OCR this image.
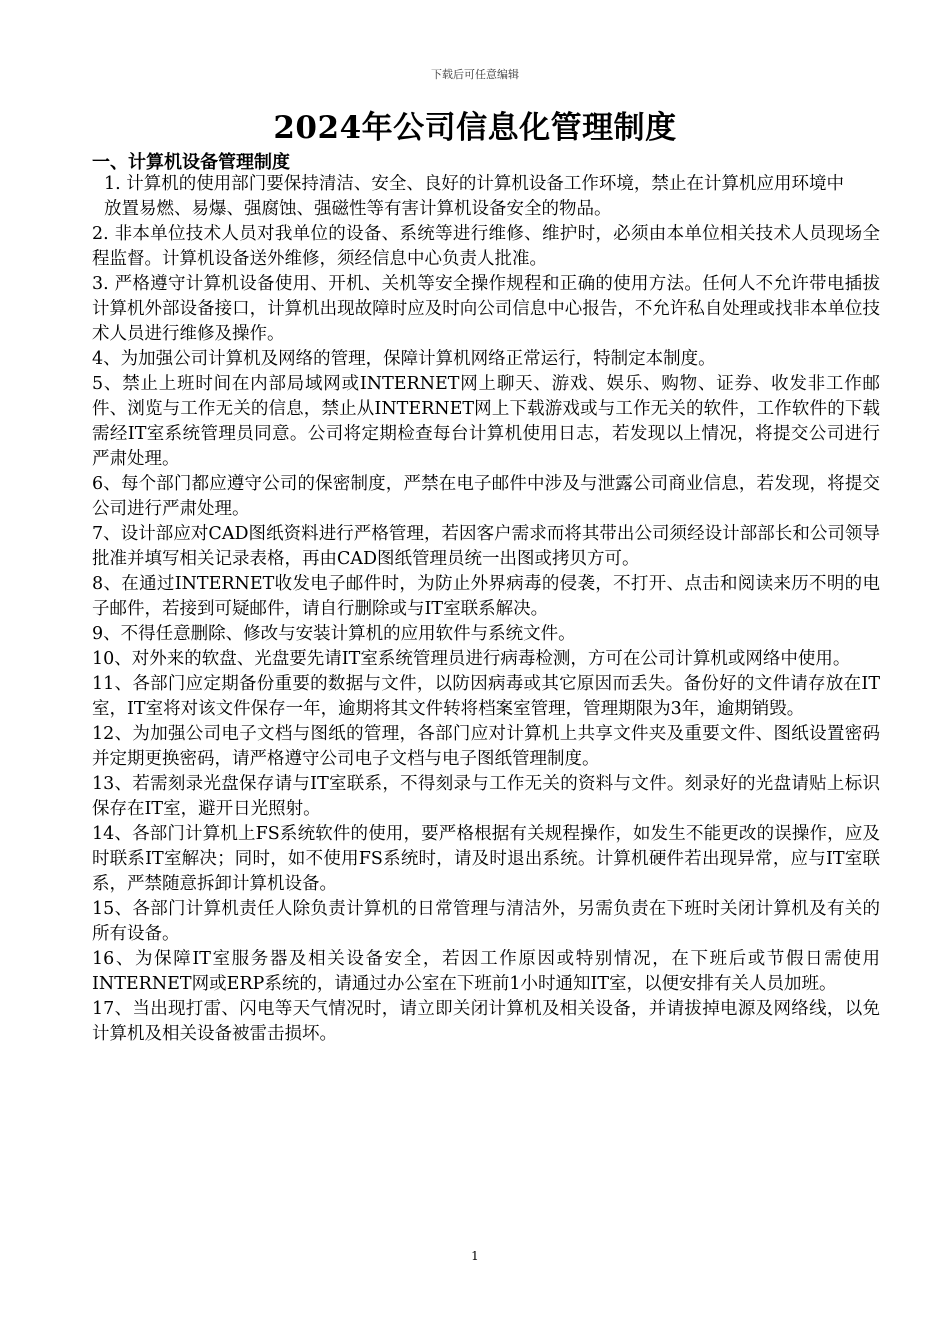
下载后可任意编辑
2024年公司信息化管理制度
一、计算机设备管理制度

1. 计算机的使用部门要保持清洁、安全、良好的计算机设备工作环境，禁止在计算机应用环境中放置易燃、易爆、强腐蚀、强磁性等有害计算机设备安全的物品。

2. 非本单位技术人员对我单位的设备、系统等进行维修、维护时，必须由本单位相关技术人员现场全程监督。计算机设备送外维修，须经信息中心负责人批准。

3. 严格遵守计算机设备使用、开机、关机等安全操作规程和正确的使用方法。任何人不允许带电插拔计算机外部设备接口，计算机出现故障时应及时向公司信息中心报告，不允许私自处理或找非本单位技术人员进行维修及操作。

4、为加强公司计算机及网络的管理，保障计算机网络正常运行，特制定本制度。

5、禁止上班时间在内部局域网或INTERNET网上聊天、游戏、娱乐、购物、证券、收发非工作邮件、浏览与工作无关的信息，禁止从INTERNET网上下载游戏或与工作无关的软件，工作软件的下载需经IT室系统管理员同意。公司将定期检查每台计算机使用日志，若发现以上情况，将提交公司进行严肃处理。

6、每个部门都应遵守公司的保密制度，严禁在电子邮件中涉及与泄露公司商业信息，若发现，将提交公司进行严肃处理。

7、设计部应对CAD图纸资料进行严格管理，若因客户需求而将其带出公司须经设计部部长和公司领导批准并填写相关记录表格，再由CAD图纸管理员统一出图或拷贝方可。

8、在通过INTERNET收发电子邮件时，为防止外界病毒的侵袭，不打开、点击和阅读来历不明的电子邮件，若接到可疑邮件，请自行删除或与IT室联系解决。

9、不得任意删除、修改与安装计算机的应用软件与系统文件。

10、对外来的软盘、光盘要先请IT室系统管理员进行病毒检测，方可在公司计算机或网络中使用。

11、各部门应定期备份重要的数据与文件，以防因病毒或其它原因而丢失。备份好的文件请存放在IT室，IT室将对该文件保存一年，逾期将其文件转将档案室管理，管理期限为3年，逾期销毁。

12、为加强公司电子文档与图纸的管理，各部门应对计算机上共享文件夹及重要文件、图纸设置密码并定期更换密码，请严格遵守公司电子文档与电子图纸管理制度。

13、若需刻录光盘保存请与IT室联系，不得刻录与工作无关的资料与文件。刻录好的光盘请贴上标识保存在IT室，避开日光照射。

14、各部门计算机上FS系统软件的使用，要严格根据有关规程操作，如发生不能更改的误操作，应及时联系IT室解决；同时，如不使用FS系统时，请及时退出系统。计算机硬件若出现异常，应与IT室联系，严禁随意拆卸计算机设备。

15、各部门计算机责任人除负责计算机的日常管理与清洁外，另需负责在下班时关闭计算机及有关的所有设备。

16、为保障IT室服务器及相关设备安全，若因工作原因或特别情况，在下班后或节假日需使用INTERNET网或ERP系统的，请通过办公室在下班前1小时通知IT室，以便安排有关人员加班。

17、当出现打雷、闪电等天气情况时，请立即关闭计算机及相关设备，并请拔掉电源及网络线，以免计算机及相关设备被雷击损坏。

1
